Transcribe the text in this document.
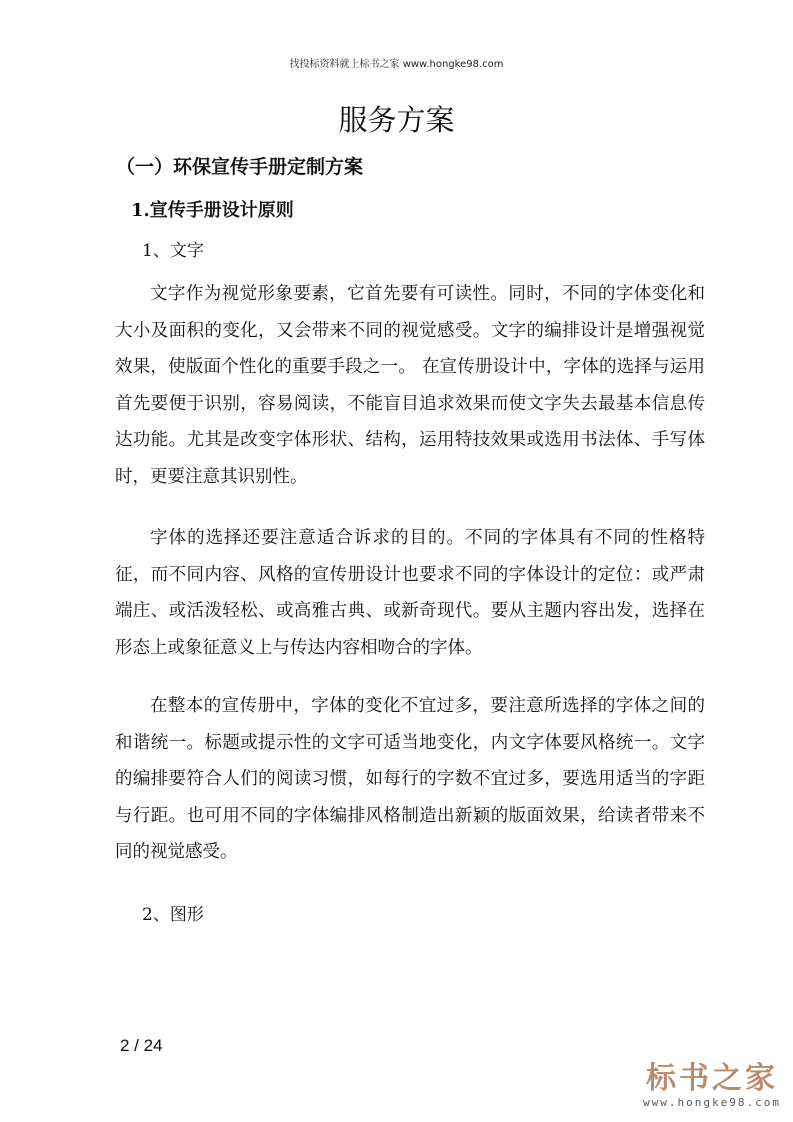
找投标资料就上标书之家 www.hongke98.com
服务方案
（一）环保宣传手册定制方案
1.宣传手册设计原则
1、文字

文字作为视觉形象要素，它首先要有可读性。同时，不同的字体变化和大小及面积的变化，又会带来不同的视觉感受。文字的编排设计是增强视觉效果，使版面个性化的重要手段之一。 在宣传册设计中，字体的选择与运用首先要便于识别，容易阅读，不能盲目追求效果而使文字失去最基本信息传达功能。尤其是改变字体形状、结构，运用特技效果或选用书法体、手写体时，更要注意其识别性。

字体的选择还要注意适合诉求的目的。不同的字体具有不同的性格特征，而不同内容、风格的宣传册设计也要求不同的字体设计的定位：或严肃端庄、或活泼轻松、或高雅古典、或新奇现代。要从主题内容出发，选择在形态上或象征意义上与传达内容相吻合的字体。

在整本的宣传册中，字体的变化不宜过多，要注意所选择的字体之间的和谐统一。标题或提示性的文字可适当地变化，内文字体要风格统一。文字的编排要符合人们的阅读习惯，如每行的字数不宜过多，要选用适当的字距与行距。也可用不同的字体编排风格制造出新颖的版面效果，给读者带来不同的视觉感受。

2、图形
2 / 24
标书之家
www.hongke98.com
